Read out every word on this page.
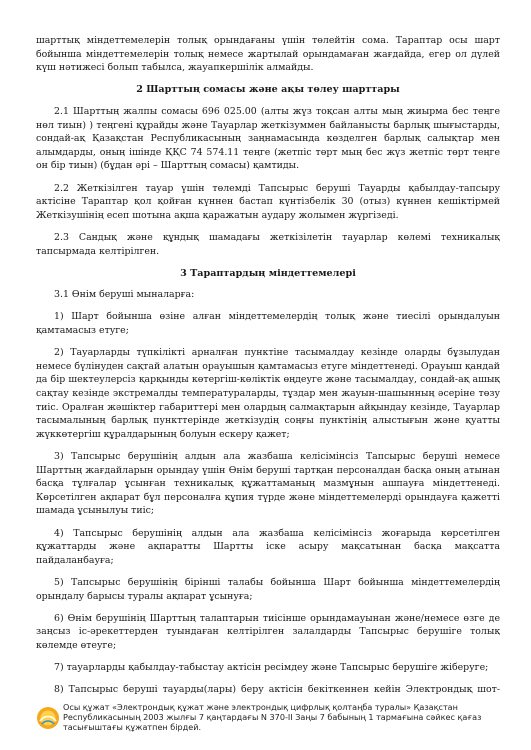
шарттық міндеттемелерін толық орындағаны үшін төлейтін сома. Тараптар осы шарт бойынша міндеттемелерін толық немесе жартылай орындамаған жағдайда, егер ол дүлей күш нәтижесі болып табылса, жауапкершілік алмайды.

2 Шарттың сомасы және ақы төлеу шарттары

2.1 Шарттың жалпы сомасы 696 025.00 (алты жүз тоқсан алты мың жиырма бес теңге нөл тиын) ) теңгені құрайды және Тауарлар жеткізуммен байланысты барлық шығыстарды, сондай-ақ Қазақстан Республикасының заңнамасында көзделген барлық салықтар мен алымдарды, оның ішінде ҚҚС 74 574.11 теңге (жетпіс төрт мың бес жүз жетпіс төрт теңге он бір тиын) (бұдан әрі – Шарттың сомасы) қамтиды.

2.2 Жеткізілген тауар үшін төлемді Тапсырыс беруші Тауарды қабылдау-тапсыру актісіне Тараптар қол қойған күннен бастап күнтізбелік 30 (отыз) күннен кешіктірмей Жеткізушінің есеп шотына ақша қаражатын аудару жолымен жүргізеді.

2.3 Сандық және құндық шамадағы жеткізілетін тауарлар көлемі техникалық тапсырмада келтірілген.

3 Тараптардың міндеттемелері

3.1 Өнім беруші мыналарға:

1) Шарт бойынша өзіне алған міндеттемелердің толық және тиесілі орындалуын қамтамасыз етуге;

2) Тауарларды түпкілікті арналған пунктіне тасымалдау кезінде оларды бұзылудан немесе бүлінуден сақтай алатын орауышын қамтамасыз етуге міндеттенеді. Орауыш қандай да бір шектеулерсіз қарқынды көтергіш-көліктік өңдеуге және тасымалдау, сондай-ақ ашық сақтау кезінде экстремалды температураларды, тұздар мен жауын-шашынның әсеріне төзу тиіс. Оралған жәшіктер габариттері мен олардың салмақтарын айқындау кезінде, Тауарлар тасымалының барлық пункттерінде жеткізудің соңғы пунктінің алыстығын және қуатты жүккөтергіш құралдарының болуын ескеру қажет;

3) Тапсырыс берушінің алдын ала жазбаша келісімінсіз Тапсырыс беруші немесе Шарттың жағдайларын орындау үшін Өнім беруші тартқан персоналдан басқа оның атынан басқа тұлғалар ұсынған техникалық құжаттаманың мазмұнын ашпауға міндеттенеді. Көрсетілген ақпарат бұл персоналға құпия түрде және міндеттемелерді орындауға қажетті шамада ұсынылуы тиіс;

4) Тапсырыс берушінің алдын ала жазбаша келісімінсіз жоғарыда көрсетілген құжаттарды және ақпаратты Шартты іске асыру мақсатынан басқа мақсатта пайдаланбауға;

5) Тапсырыс берушінің бірінші талабы бойынша Шарт бойынша міндеттемелердің орындалу барысы туралы ақпарат ұсынуға;

6) Өнім берушінің Шарттың талаптарын тиісінше орындамауынан және/немесе өзге де заңсыз іс-әрекеттерден туындаған келтірілген залалдарды Тапсырыс берушіге толық көлемде өтеуге;

7) тауарларды қабылдау-табыстау актісін ресімдеу және Тапсырыс берушіге жіберуге;

8) Тапсырыс беруші тауарды(лары) беру актісін бекіткеннен кейін Электрондық шот-

Осы құжат «Электрондық құжат және электрондық цифрлық қолтаңба туралы» Қазақстан Республикасының 2003 жылғы 7 қаңтардағы N 370-II Заңы 7 бабының 1 тармағына сәйкес қағаз тасығыштағы құжатпен бірдей.
